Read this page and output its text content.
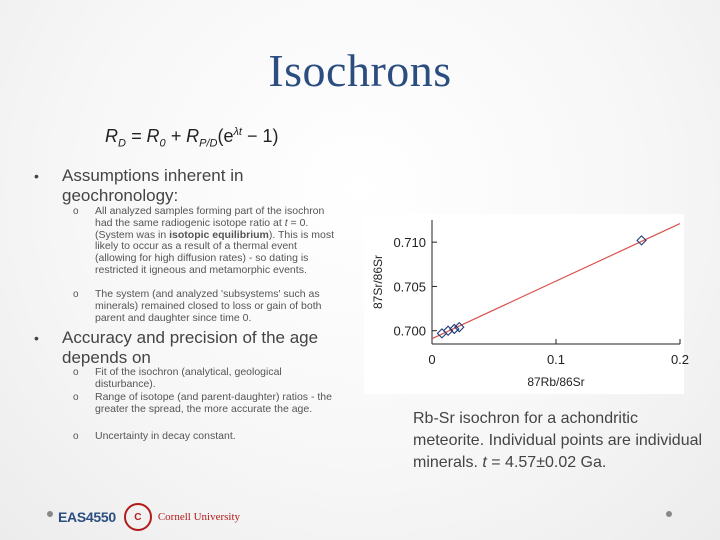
Isochrons
$R_D = R_0 + R_{P/D}(e^{\lambda t} - 1)$
• Assumptions inherent in geochronology:
o All analyzed samples forming part of the isochron had the same radiogenic isotope ratio at t = 0. (System was in isotopic equilibrium). This is most likely to occur as a result of a thermal event (allowing for high diffusion rates) - so dating is restricted it igneous and metamorphic events.
o The system (and analyzed 'subsystems' such as minerals) remained closed to loss or gain of both parent and daughter since time 0.
• Accuracy and precision of the age depends on
o Fit of the isochron (analytical, geological disturbance).
o Range of isotope (and parent-daughter) ratios - the greater the spread, the more accurate the age.
o Uncertainty in decay constant.
0.700
0.705
0.710
0	0.1	0.2
87Rb/86Sr
87Sr/86Sr
Rb-Sr isochron for a achondritic meteorite. Individual points are individual minerals. t = 4.57±0.02 Ga.
EAS4550	C	Cornell University
